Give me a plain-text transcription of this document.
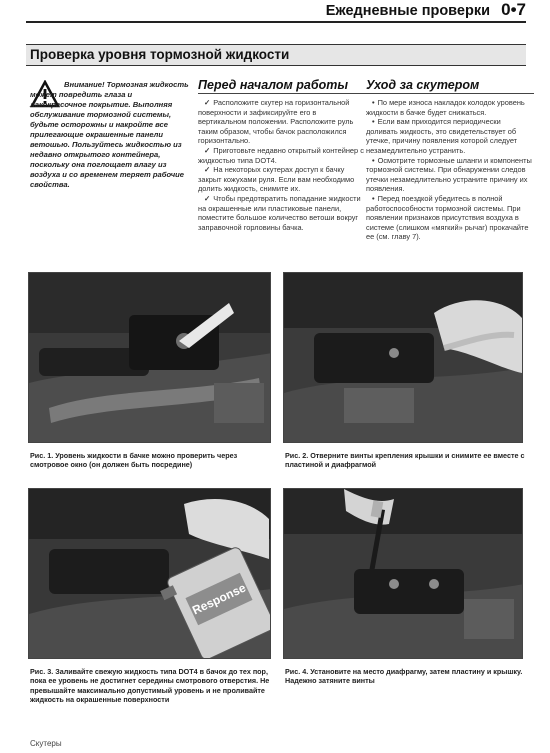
Ежедневные проверки 0•7
Проверка уровня тормозной жидкости
Внимание! Тормозная жидкость может повредить глаза и лакокрасочное покрытие. Выполняя обслуживание тормозной системы, будьте осторожны и накройте все прилегающие окрашенные панели ветошью. Пользуйтесь жидкостью из недавно открытого контейнера, поскольку она поглощает влагу из воздуха и со временем теряет рабочие свойства.
Перед началом работы

✓ Расположите скутер на горизонтальной поверхности и зафиксируйте его в вертикальном положении. Расположите руль таким образом, чтобы бачок расположился горизонтально.

✓ Приготовьте недавно открытый контейнер с жидкостью типа DOT4.

✓ На некоторых скутерах доступ к бачку закрыт кожухами руля. Если вам необходимо долить жидкость, снимите их.

✓ Чтобы предотвратить попадание жидкости на окрашенные или пластиковые панели, поместите большое количество ветоши вокруг заправочной горловины бачка.

Уход за скутером

• По мере износа накладок колодок уровень жидкости в бачке будет снижаться.

• Если вам приходится периодически доливать жидкость, это свидетельствует об утечке, причину появления которой следует незамедлительно устранить.

• Осмотрите тормозные шланги и компоненты тормозной системы. При обнаружении следов утечки незамедлительно устраните причину их появления.

• Перед поездкой убедитесь в полной работоспособности тормозной системы. При появлении признаков присутствия воздуха в системе (слишком «мягкий» рычаг) прокачайте ее (см. главу 7).

Рис. 1. Уровень жидкости в бачке можно проверить через смотровое окно (он должен быть посредине)
Рис. 2. Отверните винты крепления крышки и снимите ее вместе с пластиной и диафрагмой
Response
Рис. 3. Заливайте свежую жидкость типа DOT4 в бачок до тех пор, пока ее уровень не достигнет середины смотрового отверстия. Не превышайте максимально допустимый уровень и не проливайте жидкость на окрашенные поверхности
Рис. 4. Установите на место диафрагму, затем пластину и крышку. Надежно затяните винты
Скутеры
